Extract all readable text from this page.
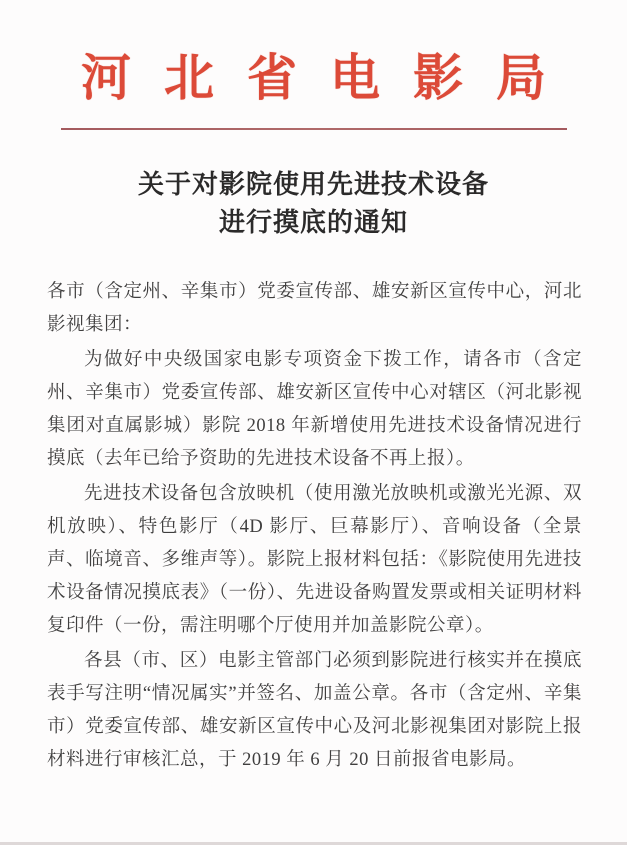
河北省电影局
关于对影院使用先进技术设备
进行摸底的通知

各市（含定州、辛集市）党委宣传部、雄安新区宣传中心，河北影视集团：

为做好中央级国家电影专项资金下拨工作，请各市（含定州、辛集市）党委宣传部、雄安新区宣传中心对辖区（河北影视集团对直属影城）影院 2018 年新增使用先进技术设备情况进行摸底（去年已给予资助的先进技术设备不再上报）。

先进技术设备包含放映机（使用激光放映机或激光光源、双机放映）、特色影厅（4D 影厅、巨幕影厅）、音响设备（全景声、临境音、多维声等）。影院上报材料包括：《影院使用先进技术设备情况摸底表》（一份）、先进设备购置发票或相关证明材料复印件（一份，需注明哪个厅使用并加盖影院公章）。

各县（市、区）电影主管部门必须到影院进行核实并在摸底表手写注明“情况属实”并签名、加盖公章。各市（含定州、辛集市）党委宣传部、雄安新区宣传中心及河北影视集团对影院上报材料进行审核汇总，于 2019 年 6 月 20 日前报省电影局。
